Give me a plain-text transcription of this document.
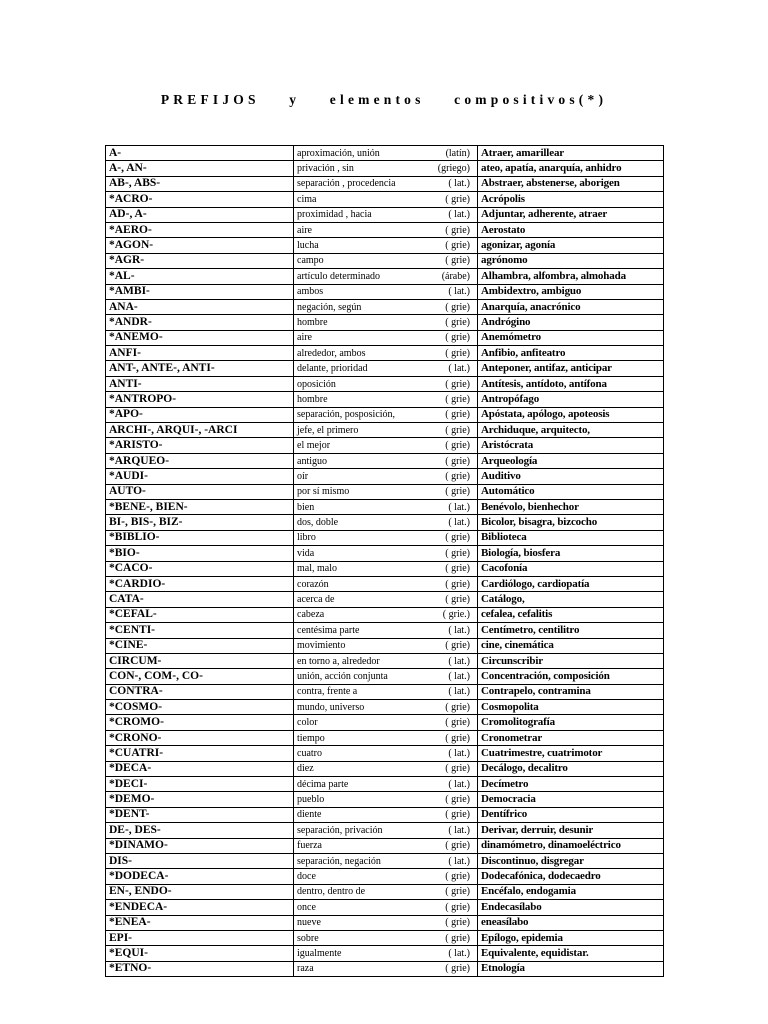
PREFIJOS y elementos compositivos(*)
A-	aproximación, unión (latín)	Atraer, amarillear
A-, AN-	privación , sin (griego)	ateo, apatía, anarquía, anhidro
AB-, ABS-	separación , procedencia ( lat.)	Abstraer, abstenerse, aborigen
*ACRO-	cima ( grie)	Acrópolis
AD-, A-	proximidad , hacia ( lat.)	Adjuntar, adherente, atraer
*AERO-	aire ( grie)	Aerostato
*AGON-	lucha ( grie)	agonizar, agonía
*AGR-	campo ( grie)	agrónomo
*AL-	artículo determinado (árabe)	Alhambra, alfombra, almohada
*AMBI-	ambos ( lat.)	Ambidextro, ambiguo
ANA-	negación, según ( grie)	Anarquía, anacrónico
*ANDR-	hombre ( grie)	Andrógino
*ANEMO-	aire ( grie)	Anemómetro
ANFI-	alrededor, ambos ( grie)	Anfibio, anfiteatro
ANT-, ANTE-, ANTI-	delante, prioridad ( lat.)	Anteponer, antifaz, anticipar
ANTI-	oposición ( grie)	Antítesis, antídoto, antífona
*ANTROPO-	hombre ( grie)	Antropófago
*APO-	separación, posposición, ( grie)	Apóstata, apólogo, apoteosis
ARCHI-, ARQUI-, -ARCI	jefe, el primero ( grie)	Archiduque, arquitecto,
*ARISTO-	el mejor ( grie)	Aristócrata
*ARQUEO-	antiguo ( grie)	Arqueología
*AUDI-	oír ( grie)	Auditivo
AUTO-	por sí mismo ( grie)	Automático
*BENE-, BIEN-	bien ( lat.)	Benévolo, bienhechor
BI-, BIS-, BIZ-	dos, doble ( lat.)	Bicolor, bisagra, bizcocho
*BIBLIO-	libro ( grie)	Biblioteca
*BIO-	vida ( grie)	Biología, biosfera
*CACO-	mal, malo ( grie)	Cacofonía
*CARDIO-	corazón ( grie)	Cardiólogo, cardiopatía
CATA-	acerca de ( grie)	Catálogo,
*CEFAL-	cabeza ( grie.)	cefalea, cefalitis
*CENTI-	centésima parte ( lat.)	Centímetro, centilitro
*CINE-	movimiento ( grie)	cine, cinemática
CIRCUM-	en torno a, alrededor ( lat.)	Circunscribir
CON-, COM-, CO-	unión, acción conjunta ( lat.)	Concentración, composición
CONTRA-	contra, frente a ( lat.)	Contrapelo, contramina
*COSMO-	mundo, universo ( grie)	Cosmopolita
*CROMO-	color ( grie)	Cromolitografía
*CRONO-	tiempo ( grie)	Cronometrar
*CUATRI-	cuatro ( lat.)	Cuatrimestre, cuatrimotor
*DECA-	diez ( grie)	Decálogo, decalitro
*DECI-	décima parte ( lat.)	Decímetro
*DEMO-	pueblo ( grie)	Democracia
*DENT-	diente ( grie)	Dentífrico
DE-, DES-	separación, privación ( lat.)	Derivar, derruir, desunir
*DINAMO-	fuerza ( grie)	dinamómetro, dinamoeléctrico
DIS-	separación, negación ( lat.)	Discontinuo, disgregar
*DODECA-	doce ( grie)	Dodecafónica, dodecaedro
EN-, ENDO-	dentro, dentro de ( grie)	Encéfalo, endogamia
*ENDECA-	once ( grie)	Endecasílabo
*ENEA-	nueve ( grie)	eneasílabo
EPI-	sobre ( grie)	Epílogo, epidemia
*EQUI-	igualmente ( lat.)	Equivalente, equidistar.
*ETNO-	raza ( grie)	Etnología
